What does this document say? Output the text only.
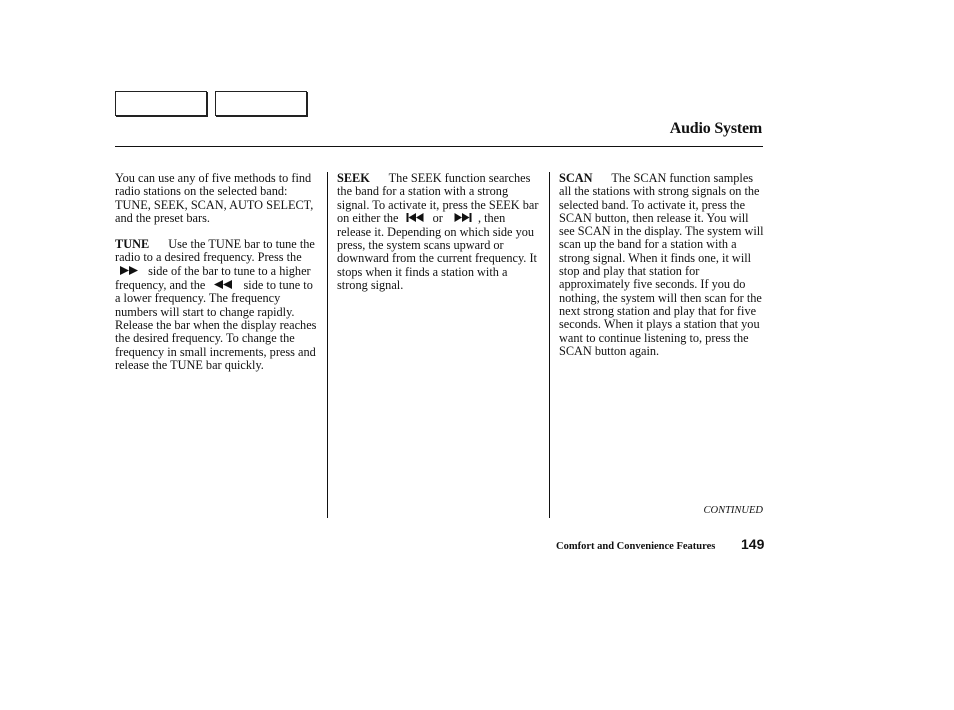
Audio System

You can use any of five methods to find radio stations on the selected band: TUNE, SEEK, SCAN, AUTO SELECT, and the preset bars.

TUNE Use the TUNE bar to tune the radio to a desired frequency. Press the  side of the bar to tune to a higher frequency, and the	side to tune to a lower frequency. The frequency numbers will start to change rapidly. Release the bar when the display reaches the desired frequency. To change the frequency in small increments, press and release the TUNE bar quickly.

SEEK The SEEK function searches the band for a station with a strong signal. To activate it, press the SEEK bar on either the	or	, then release it. Depending on which side you press, the system scans upward or downward from the current frequency. It stops when it finds a station with a strong signal.

SCAN The SCAN function samples all the stations with strong signals on the selected band. To activate it, press the SCAN button, then release it. You will see SCAN in the display. The system will scan up the band for a station with a strong signal. When it finds one, it will stop and play that station for approximately five seconds. If you do nothing, the system will then scan for the next strong station and play that for five seconds. When it plays a station that you want to continue listening to, press the SCAN button again.

CONTINUED
Comfort and Convenience Features 149
